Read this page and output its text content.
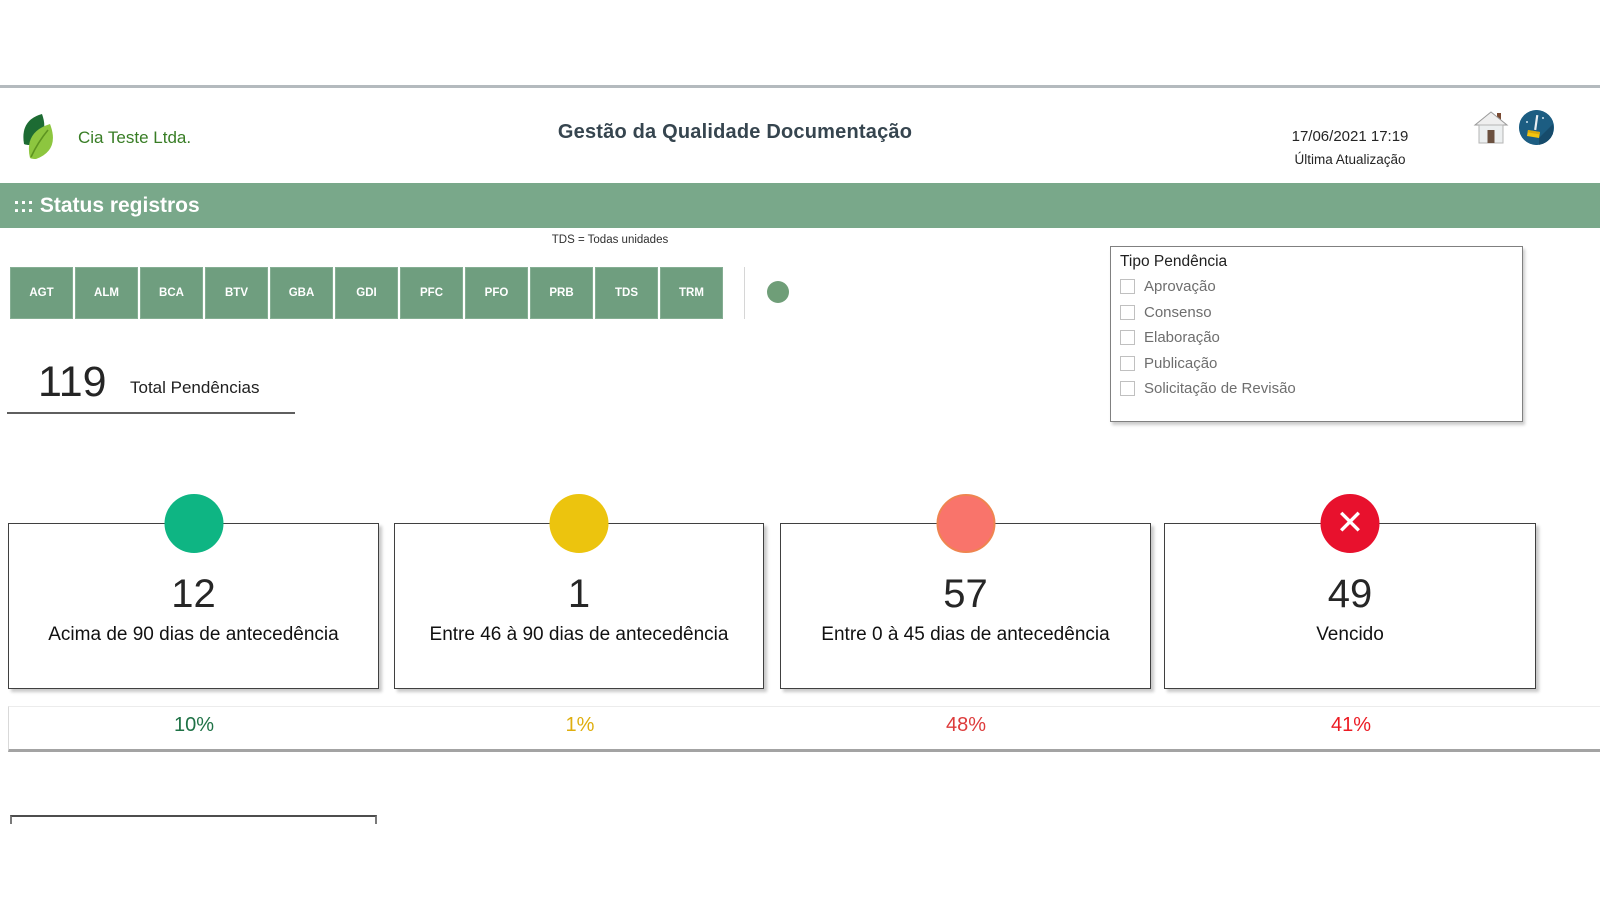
Cia Teste Ltda.	Gestão da Qualidade Documentação	17/06/2021 17:19
Última Atualização
::: Status registros
TDS = Todas unidades
AGT	ALM	BCA	BTV	GBA	GDI	PFC	PFO	PRB	TDS	TRM
Tipo Pendência
Aprovação
Consenso
Elaboração
Publicação
Solicitação de Revisão
119 Total Pendências
12
Acima de 90 dias de antecedência
1
Entre 46 à 90 dias de antecedência
57
Entre 0 à 45 dias de antecedência
✕
49
Vencido
10%	1%	48%	41%
